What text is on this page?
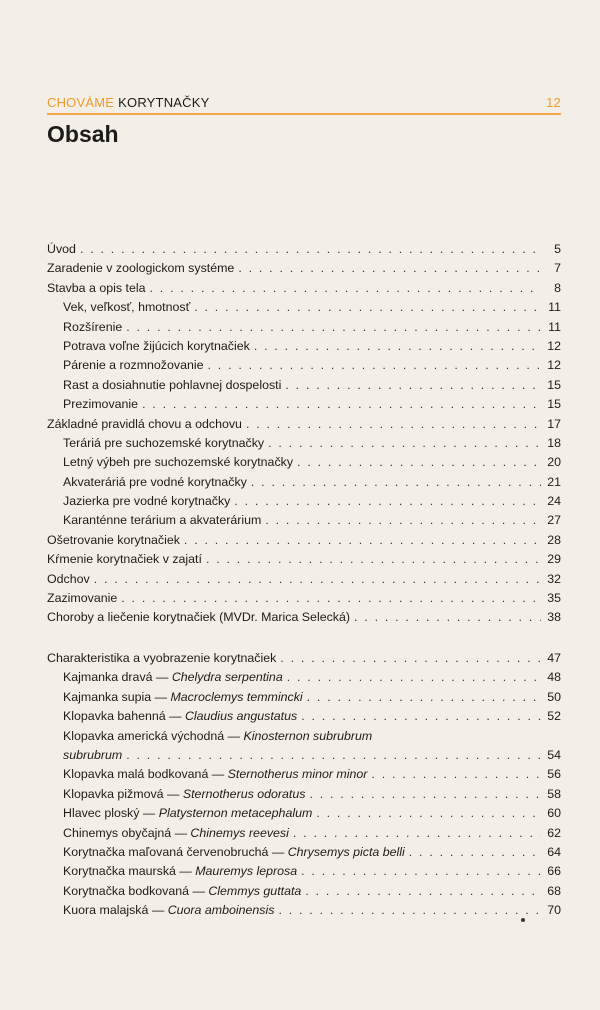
CHOVÁME KORYTNAČKY	12
Obsah
Úvod . . .	5
Zaradenie v zoologickom systéme . . .	7
Stavba a opis tela . . .	8
Vek, veľkosť, hmotnosť . . .	11
Rozšírenie . . .	11
Potrava voľne žijúcich korytnačiek . . .	12
Párenie a rozmnožovanie . . .	12
Rast a dosiahnutie pohlavnej dospelosti . . .	15
Prezimovanie . . .	15
Základné pravidlá chovu a odchovu . . .	17
Teráriá pre suchozemské korytnačky . . .	18
Letný výbeh pre suchozemské korytnačky . . .	20
Akvateráriá pre vodné korytnačky . . .	21
Jazierka pre vodné korytnačky . . .	24
Karanténne terárium a akvaterárium . . .	27
Ošetrovanie korytnačiek . . .	28
Kŕmenie korytnačiek v zajatí . . .	29
Odchov . . .	32
Zazimovanie . . .	35
Choroby a liečenie korytnačiek (MVDr. Marica Selecká) . . .	38
Charakteristika a vyobrazenie korytnačiek . . .	47
Kajmanka dravá — Chelydra serpentina . . .	48
Kajmanka supia — Macroclemys temmincki . . .	50
Klopavka bahenná — Claudius angustatus . . .	52
Klopavka americká východná — Kinosternon subrubrum
subrubrum . . .	54
Klopavka malá bodkovaná — Sternotherus minor minor . . .	56
Klopavka pižmová — Sternotherus odoratus . . .	58
Hlavec ploský — Platysternon metacephalum . . .	60
Chinemys obyčajná — Chinemys reevesi . . .	62
Korytnačka maľovaná červenobruchá — Chrysemys picta belli . . .	64
Korytnačka maurská — Mauremys leprosa . . .	66
Korytnačka bodkovaná — Clemmys guttata . . .	68
Kuora malajská — Cuora amboinensis . . .	70
